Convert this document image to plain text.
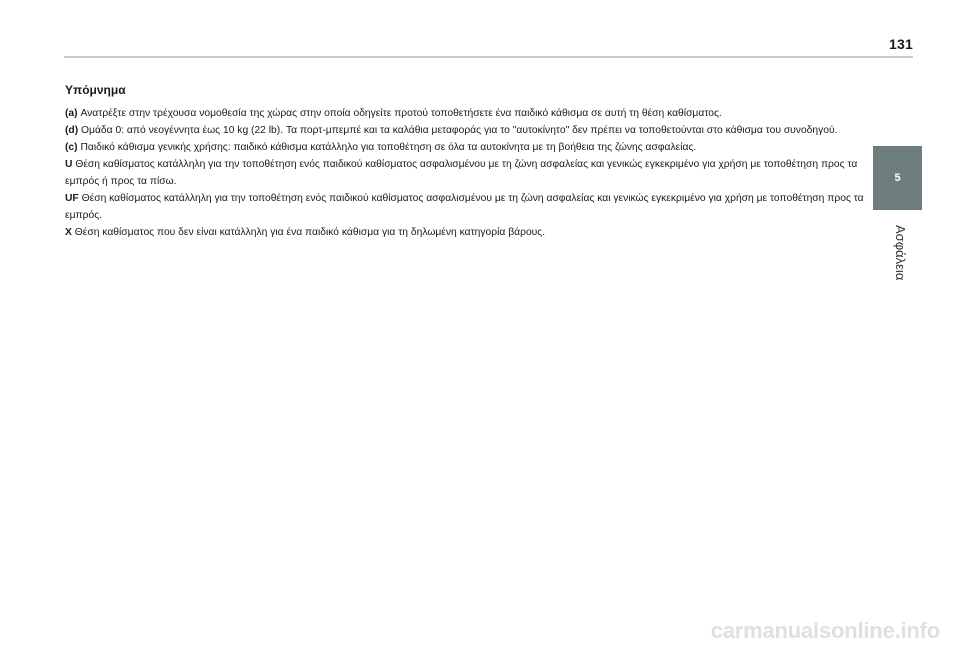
131
Υπόμνημα

(a) Ανατρέξτε στην τρέχουσα νομοθεσία της χώρας στην οποία οδηγείτε προτού τοποθετήσετε ένα παιδικό κάθισμα σε αυτή τη θέση καθίσματος.

(d) Ομάδα 0: από νεογέννητα έως 10 kg (22 lb). Τα πορτ-μπεμπέ και τα καλάθια μεταφοράς για το "αυτοκίνητο" δεν πρέπει να τοποθετούνται στο κάθισμα του συνοδηγού.

(c) Παιδικό κάθισμα γενικής χρήσης: παιδικό κάθισμα κατάλληλο για τοποθέτηση σε όλα τα αυτοκίνητα με τη βοήθεια της ζώνης ασφαλείας.

U Θέση καθίσματος κατάλληλη για την τοποθέτηση ενός παιδικού καθίσματος ασφαλισμένου με τη ζώνη ασφαλείας και γενικώς εγκεκριμένο για χρήση με τοποθέτηση προς τα εμπρός ή προς τα πίσω.

UF Θέση καθίσματος κατάλληλη για την τοποθέτηση ενός παιδικού καθίσματος ασφαλισμένου με τη ζώνη ασφαλείας και γενικώς εγκεκριμένο για χρήση με τοποθέτηση προς τα εμπρός.

X Θέση καθίσματος που δεν είναι κατάλληλη για ένα παιδικό κάθισμα για τη δηλωμένη κατηγορία βάρους.

5
Ασφάλεια
carmanualsonline.info
